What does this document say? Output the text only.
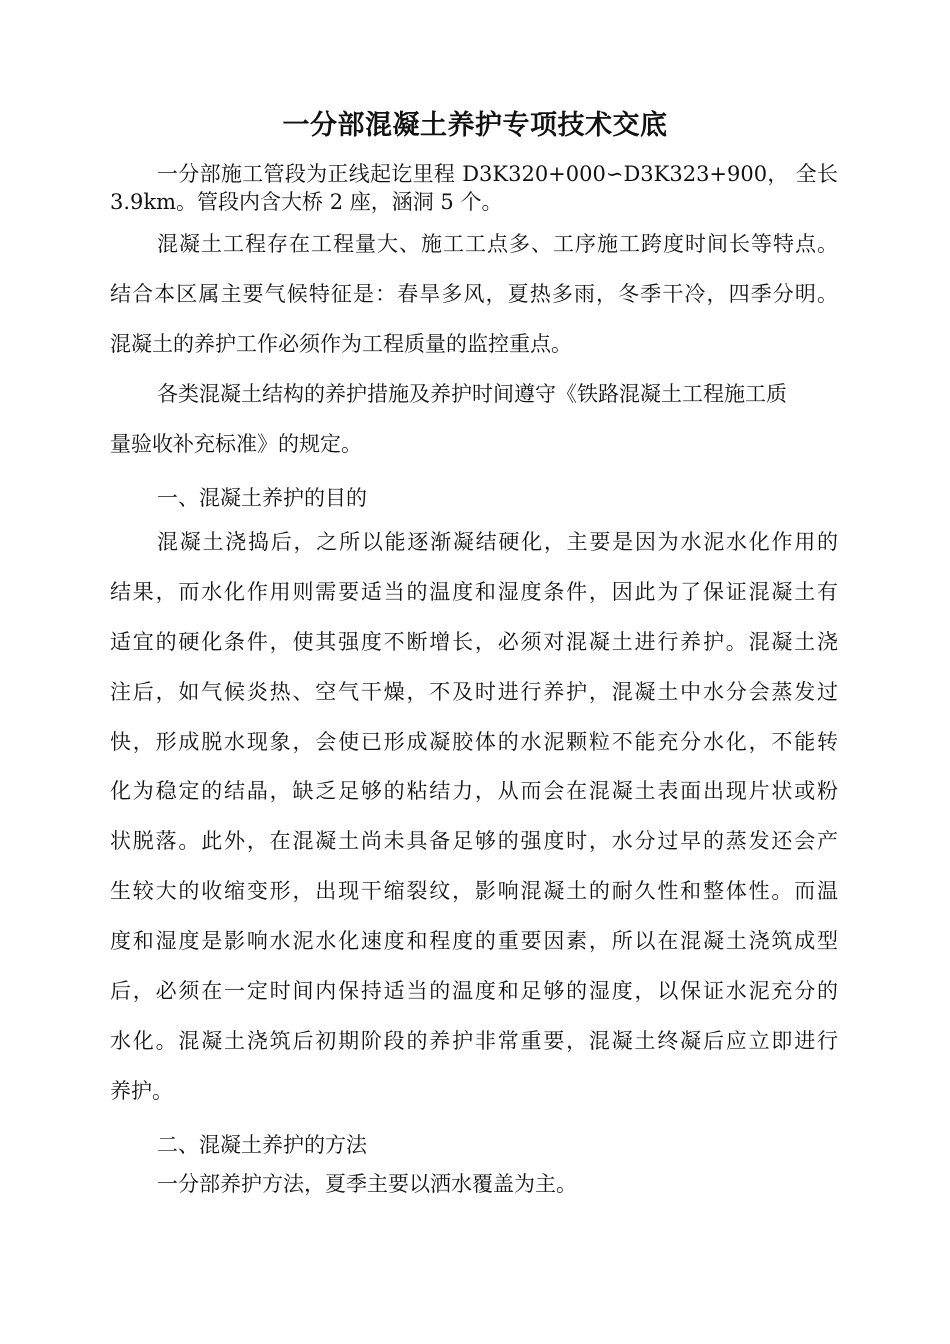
一分部混凝土养护专项技术交底
一分部施工管段为正线起讫里程 D3K320+000∽D3K323+900， 全长
3.9km。管段内含大桥 2 座，涵洞 5 个。
混凝土工程存在工程量大、施工工点多、工序施工跨度时间长等特点。
结合本区属主要气候特征是：春旱多风，夏热多雨，冬季干冷，四季分明。
混凝土的养护工作必须作为工程质量的监控重点。
各类混凝土结构的养护措施及养护时间遵守《铁路混凝土工程施工质
量验收补充标准》的规定。
一、混凝土养护的目的
混凝土浇捣后，之所以能逐渐凝结硬化，主要是因为水泥水化作用的
结果，而水化作用则需要适当的温度和湿度条件，因此为了保证混凝土有
适宜的硬化条件，使其强度不断增长，必须对混凝土进行养护。混凝土浇
注后，如气候炎热、空气干燥，不及时进行养护，混凝土中水分会蒸发过
快，形成脱水现象，会使已形成凝胶体的水泥颗粒不能充分水化，不能转
化为稳定的结晶，缺乏足够的粘结力，从而会在混凝土表面出现片状或粉
状脱落。此外，在混凝土尚未具备足够的强度时，水分过早的蒸发还会产
生较大的收缩变形，出现干缩裂纹，影响混凝土的耐久性和整体性。而温
度和湿度是影响水泥水化速度和程度的重要因素，所以在混凝土浇筑成型
后，必须在一定时间内保持适当的温度和足够的湿度，以保证水泥充分的
水化。混凝土浇筑后初期阶段的养护非常重要，混凝土终凝后应立即进行
养护。
二、混凝土养护的方法
一分部养护方法，夏季主要以洒水覆盖为主。
